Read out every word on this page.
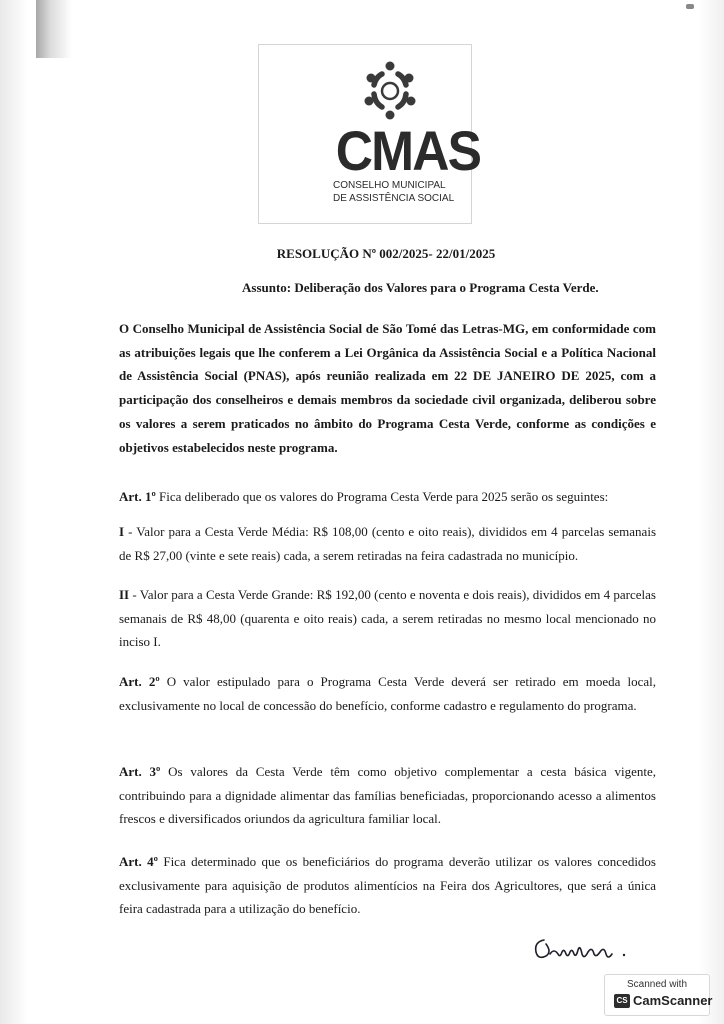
CMAS
CONSELHO MUNICIPAL
DE ASSISTÊNCIA SOCIAL
RESOLUÇÃO Nº 002/2025- 22/01/2025
Assunto: Deliberação dos Valores para o Programa Cesta Verde.

O Conselho Municipal de Assistência Social de São Tomé das Letras-MG, em conformidade com as atribuições legais que lhe conferem a Lei Orgânica da Assistência Social e a Política Nacional de Assistência Social (PNAS), após reunião realizada em 22 DE JANEIRO DE 2025, com a participação dos conselheiros e demais membros da sociedade civil organizada, deliberou sobre os valores a serem praticados no âmbito do Programa Cesta Verde, conforme as condições e objetivos estabelecidos neste programa.

Art. 1º Fica deliberado que os valores do Programa Cesta Verde para 2025 serão os seguintes:

I - Valor para a Cesta Verde Média: R$ 108,00 (cento e oito reais), divididos em 4 parcelas semanais de R$ 27,00 (vinte e sete reais) cada, a serem retiradas na feira cadastrada no município.

II - Valor para a Cesta Verde Grande: R$ 192,00 (cento e noventa e dois reais), divididos em 4 parcelas semanais de R$ 48,00 (quarenta e oito reais) cada, a serem retiradas no mesmo local mencionado no inciso I.

Art. 2º O valor estipulado para o Programa Cesta Verde deverá ser retirado em moeda local, exclusivamente no local de concessão do benefício, conforme cadastro e regulamento do programa.

Art. 3º Os valores da Cesta Verde têm como objetivo complementar a cesta básica vigente, contribuindo para a dignidade alimentar das famílias beneficiadas, proporcionando acesso a alimentos frescos e diversificados oriundos da agricultura familiar local.

Art. 4º Fica determinado que os beneficiários do programa deverão utilizar os valores concedidos exclusivamente para aquisição de produtos alimentícios na Feira dos Agricultores, que será a única feira cadastrada para a utilização do benefício.

Scanned with
CS CamScanner
